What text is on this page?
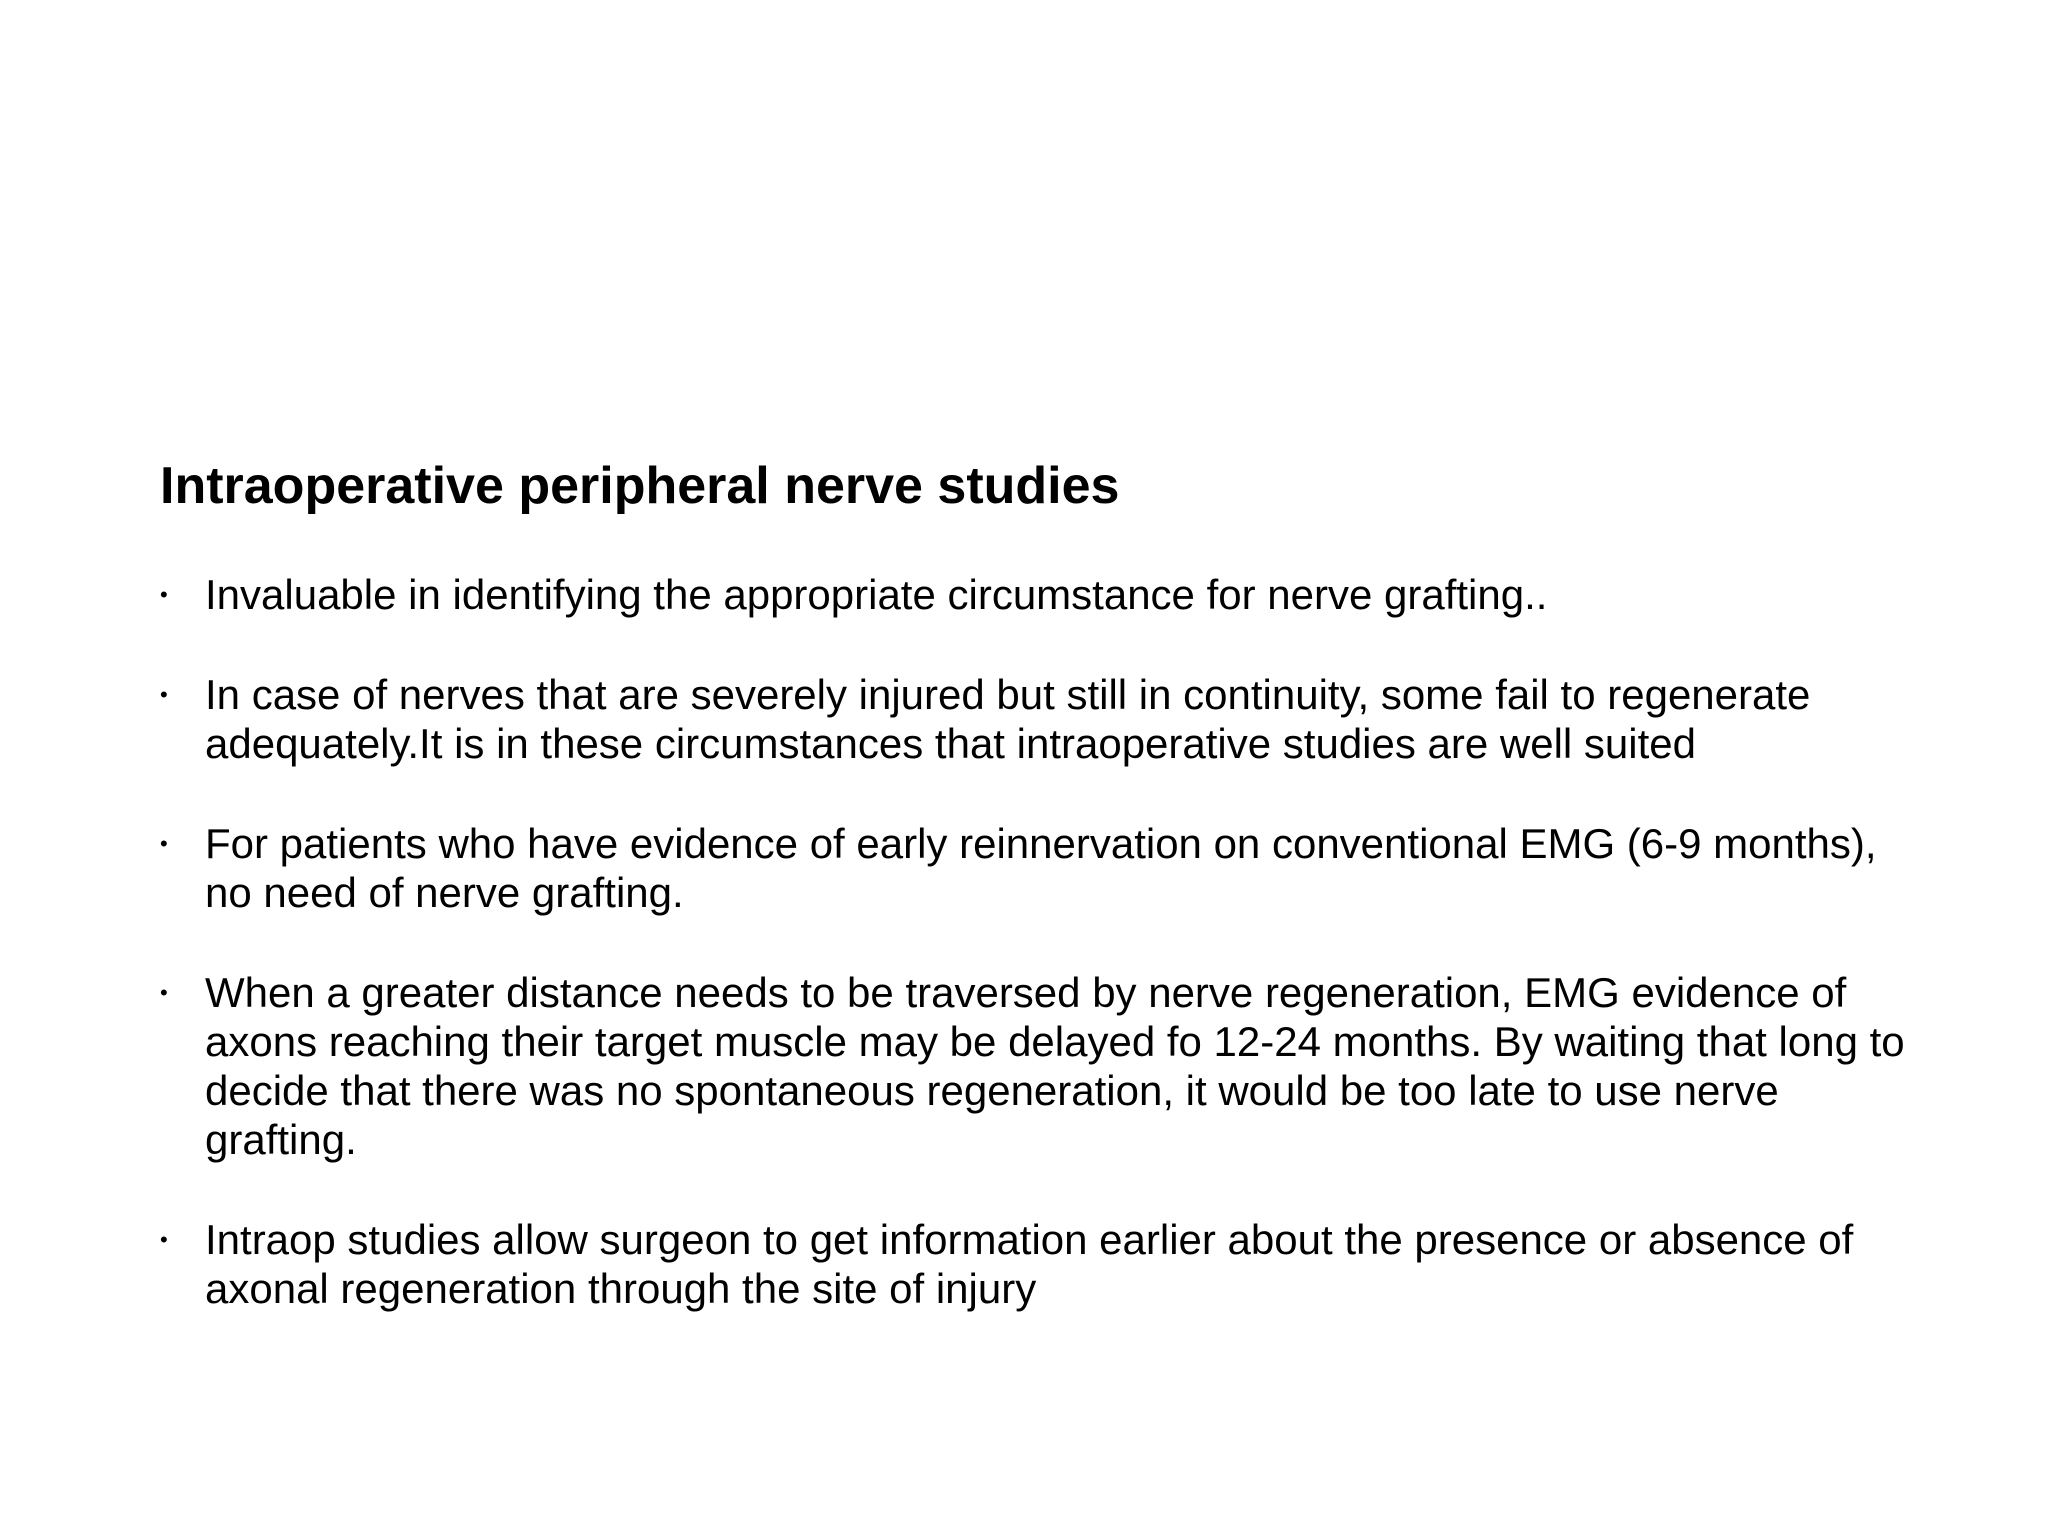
Intraoperative peripheral nerve studies
• Invaluable in identifying the appropriate circumstance for nerve grafting..
• In case of nerves that are severely injured but still in continuity, some fail to regenerate adequately.It is in these circumstances that intraoperative studies are well suited
• For patients who have evidence of early reinnervation on conventional EMG (6-9 months), no need of nerve grafting.
• When a greater distance needs to be traversed by nerve regeneration, EMG evidence of axons reaching their target muscle may be delayed fo 12-24 months. By waiting that long to decide that there was no spontaneous regeneration, it would be too late to use nerve grafting.
• Intraop studies allow surgeon to get information earlier about the presence or absence of axonal regeneration through the site of injury
